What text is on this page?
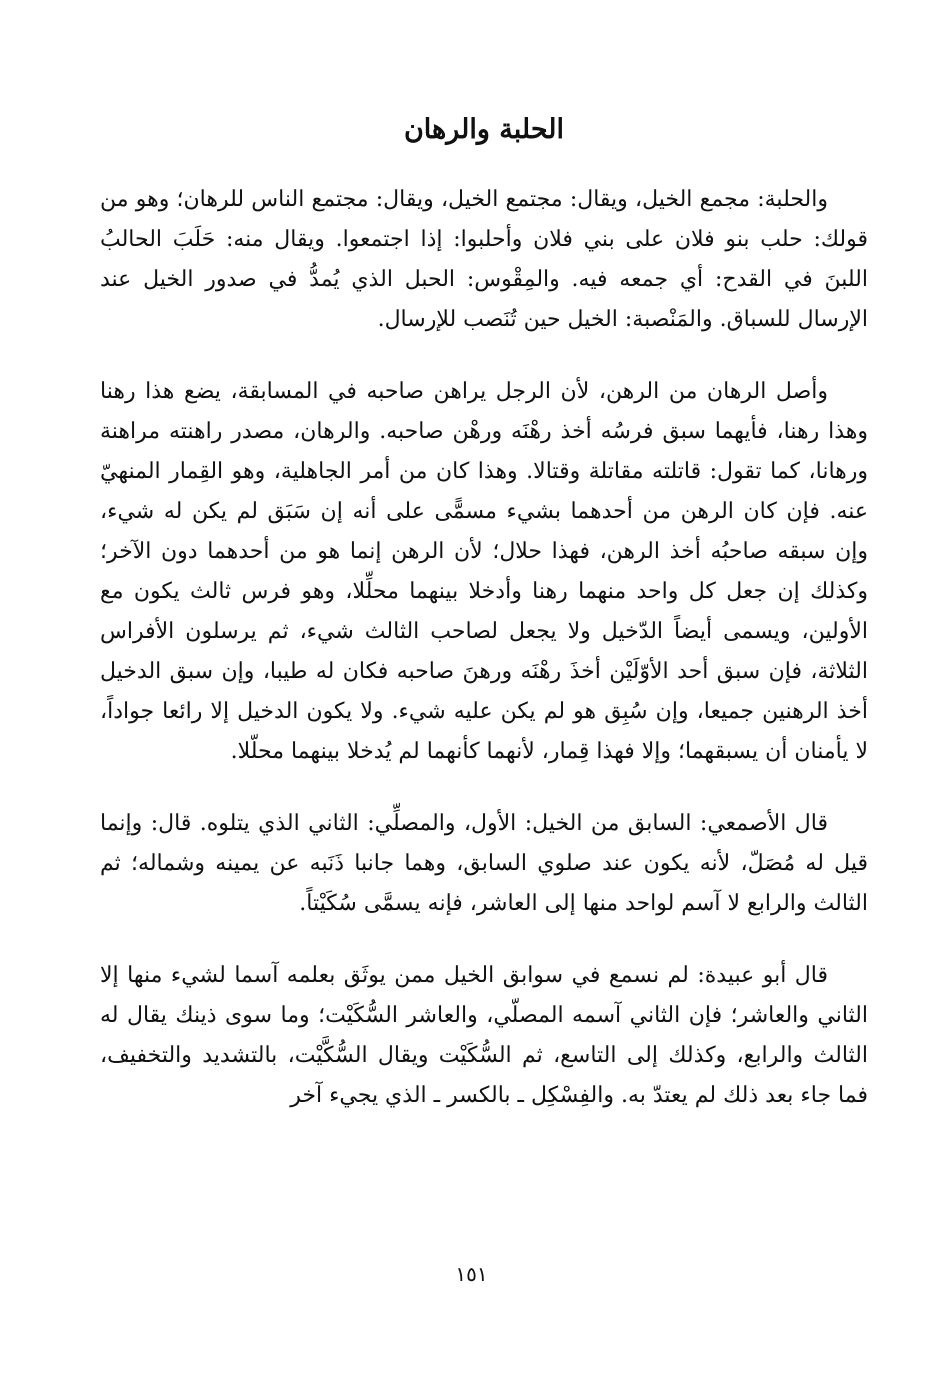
الحلبة والرهان

والحلبة: مجمع الخيل، ويقال: مجتمع الخيل، ويقال: مجتمع الناس للرهان؛ وهو من قولك: حلب بنو فلان على بني فلان وأحلبوا: إذا اجتمعوا. ويقال منه: حَلَبَ الحالبُ اللبنَ في القدح: أي جمعه فيه. والمِقْوس: الحبل الذي يُمدُّ في صدور الخيل عند الإرسال للسباق. والمَنْصبة: الخيل حين تُنَصب للإرسال.

وأصل الرهان من الرهن، لأن الرجل يراهن صاحبه في المسابقة، يضع هذا رهنا وهذا رهنا، فأيهما سبق فرسُه أخذ رهْنَه ورهْن صاحبه. والرهان، مصدر راهنته مراهنة ورهانا، كما تقول: قاتلته مقاتلة وقتالا. وهذا كان من أمر الجاهلية، وهو القِمار المنهيّ عنه. فإن كان الرهن من أحدهما بشيء مسمًّى على أنه إن سَبَق لم يكن له شيء، وإن سبقه صاحبُه أخذ الرهن، فهذا حلال؛ لأن الرهن إنما هو من أحدهما دون الآخر؛ وكذلك إن جعل كل واحد منهما رهنا وأدخلا بينهما محلِّلا، وهو فرس ثالث يكون مع الأولين، ويسمى أيضاً الدّخيل ولا يجعل لصاحب الثالث شيء، ثم يرسلون الأفراس الثلاثة، فإن سبق أحد الأوّلَيْن أخذَ رهْنَه ورهنَ صاحبه فكان له طيبا، وإن سبق الدخيل أخذ الرهنين جميعا، وإن سُبِق هو لم يكن عليه شيء. ولا يكون الدخيل إلا رائعا جواداً، لا يأمنان أن يسبقهما؛ وإلا فهذا قِمار، لأنهما كأنهما لم يُدخلا بينهما محلّلا.

قال الأصمعي: السابق من الخيل: الأول، والمصلِّي: الثاني الذي يتلوه. قال: وإنما قيل له مُصَلّ، لأنه يكون عند صلوي السابق، وهما جانبا ذَنَبه عن يمينه وشماله؛ ثم الثالث والرابع لا آسم لواحد منها إلى العاشر، فإنه يسمَّى سُكَيْتاً.

قال أبو عبيدة: لم نسمع في سوابق الخيل ممن يوثَق بعلمه آسما لشيء منها إلا الثاني والعاشر؛ فإن الثاني آسمه المصلّي، والعاشر السُّكَيْت؛ وما سوى ذينك يقال له الثالث والرابع، وكذلك إلى التاسع، ثم السُّكَيْت ويقال السُّكَّيْت، بالتشديد والتخفيف، فما جاء بعد ذلك لم يعتدّ به. والفِسْكِل ـ بالكسر ـ الذي يجيء آخر

١٥١
